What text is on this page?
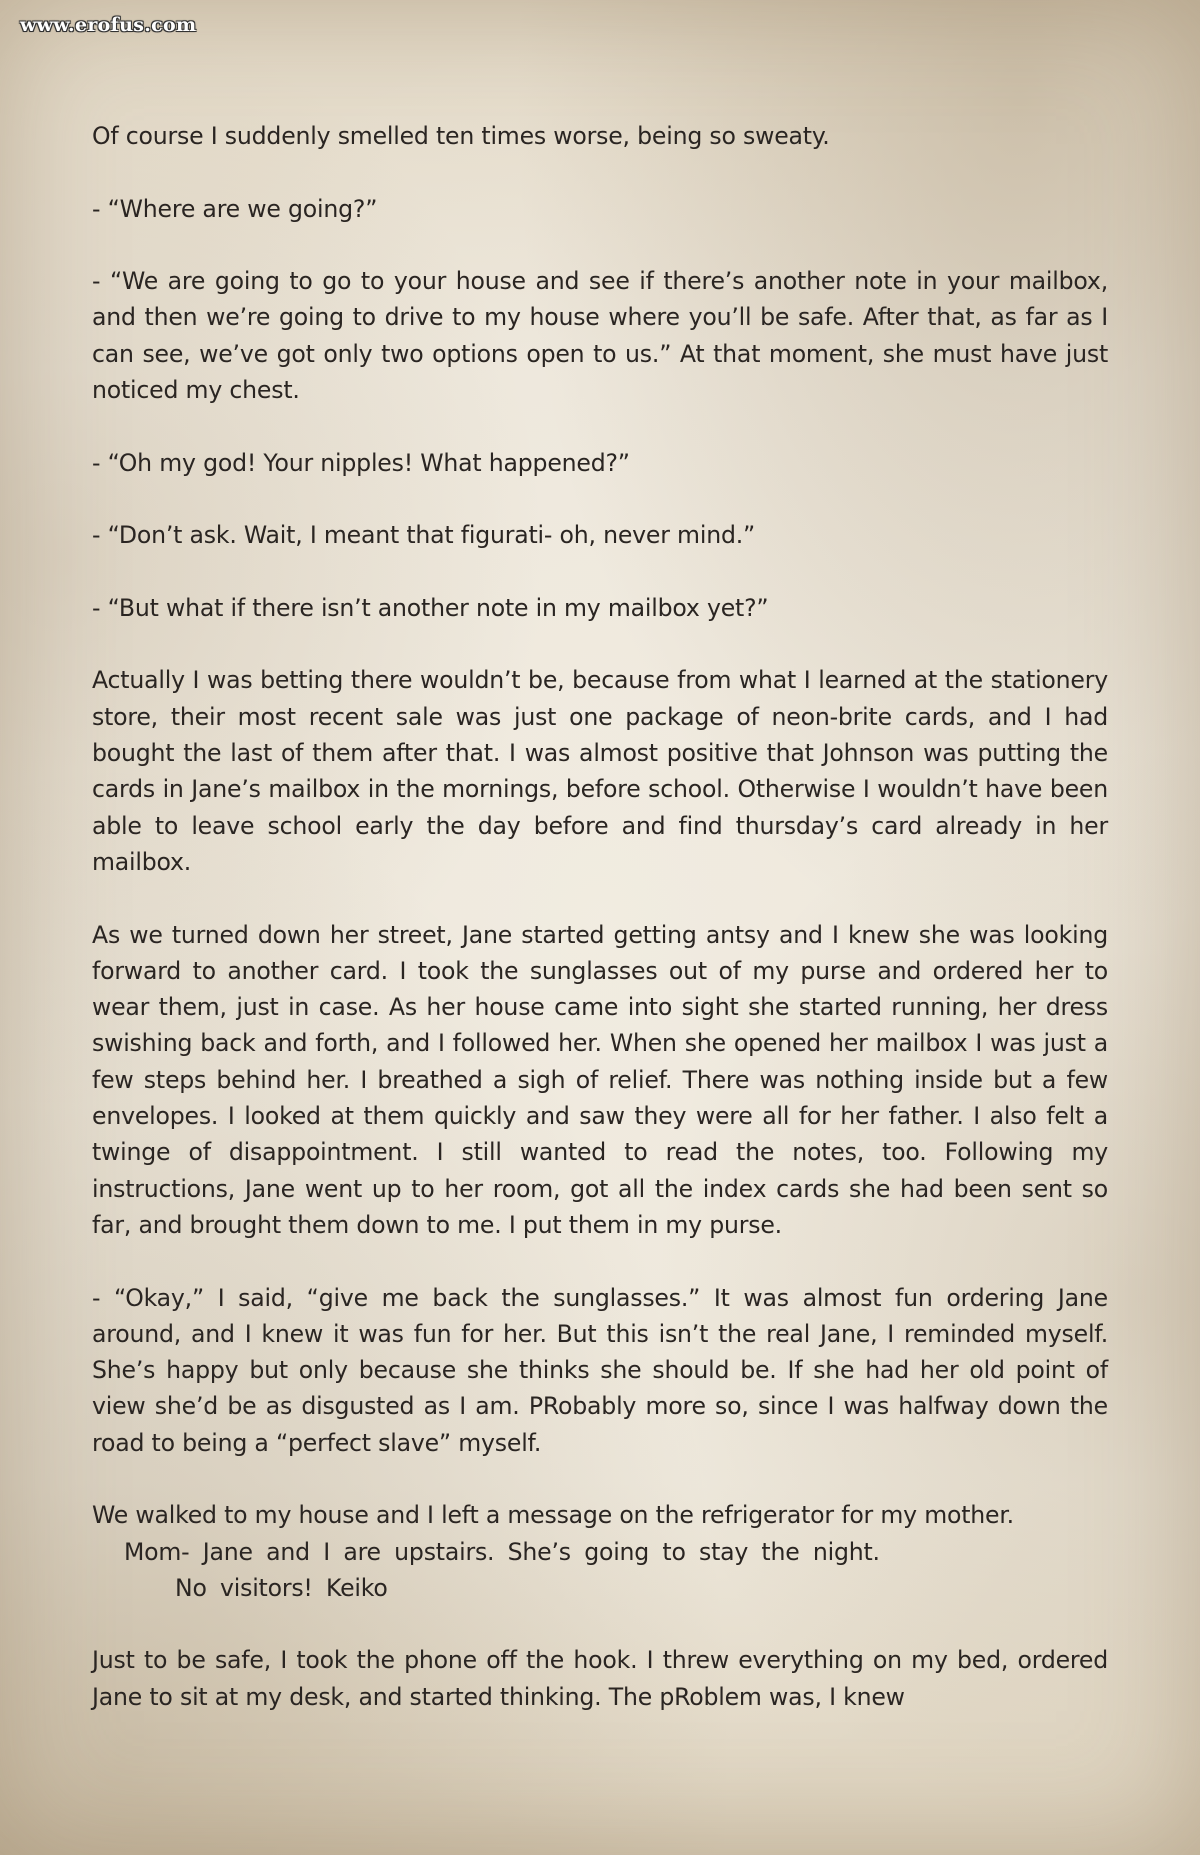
www.erofus.com

Of course I suddenly smelled ten times worse, being so sweaty.

- “Where are we going?”

- “We are going to go to your house and see if there’s another note in your mailbox, and then we’re going to drive to my house where you’ll be safe. After that, as far as I can see, we’ve got only two options open to us.” At that moment, she must have just noticed my chest.

- “Oh my god! Your nipples! What happened?”

- “Don’t ask. Wait, I meant that figurati- oh, never mind.”

- “But what if there isn’t another note in my mailbox yet?”

Actually I was betting there wouldn’t be, because from what I learned at the stationery store, their most recent sale was just one package of neon-brite cards, and I had bought the last of them after that. I was almost positive that Johnson was putting the cards in Jane’s mailbox in the mornings, before school. Otherwise I wouldn’t have been able to leave school early the day before and find thursday’s card already in her mailbox.

As we turned down her street, Jane started getting antsy and I knew she was looking forward to another card. I took the sunglasses out of my purse and ordered her to wear them, just in case. As her house came into sight she started running, her dress swishing back and forth, and I followed her. When she opened her mailbox I was just a few steps behind her. I breathed a sigh of relief. There was nothing inside but a few envelopes. I looked at them quickly and saw they were all for her father. I also felt a twinge of disappointment. I still wanted to read the notes, too. Following my instructions, Jane went up to her room, got all the index cards she had been sent so far, and brought them down to me. I put them in my purse.

- “Okay,” I said, “give me back the sunglasses.” It was almost fun ordering Jane around, and I knew it was fun for her. But this isn’t the real Jane, I reminded myself. She’s happy but only because she thinks she should be. If she had her old point of view she’d be as disgusted as I am. PRobably more so, since I was halfway down the road to being a “perfect slave” myself.

We walked to my house and I left a message on the refrigerator for my mother.

Mom- Jane and I are upstairs. She’s going to stay the night.

No visitors! Keiko

Just to be safe, I took the phone off the hook. I threw everything on my bed, ordered Jane to sit at my desk, and started thinking. The pRoblem was, I knew
